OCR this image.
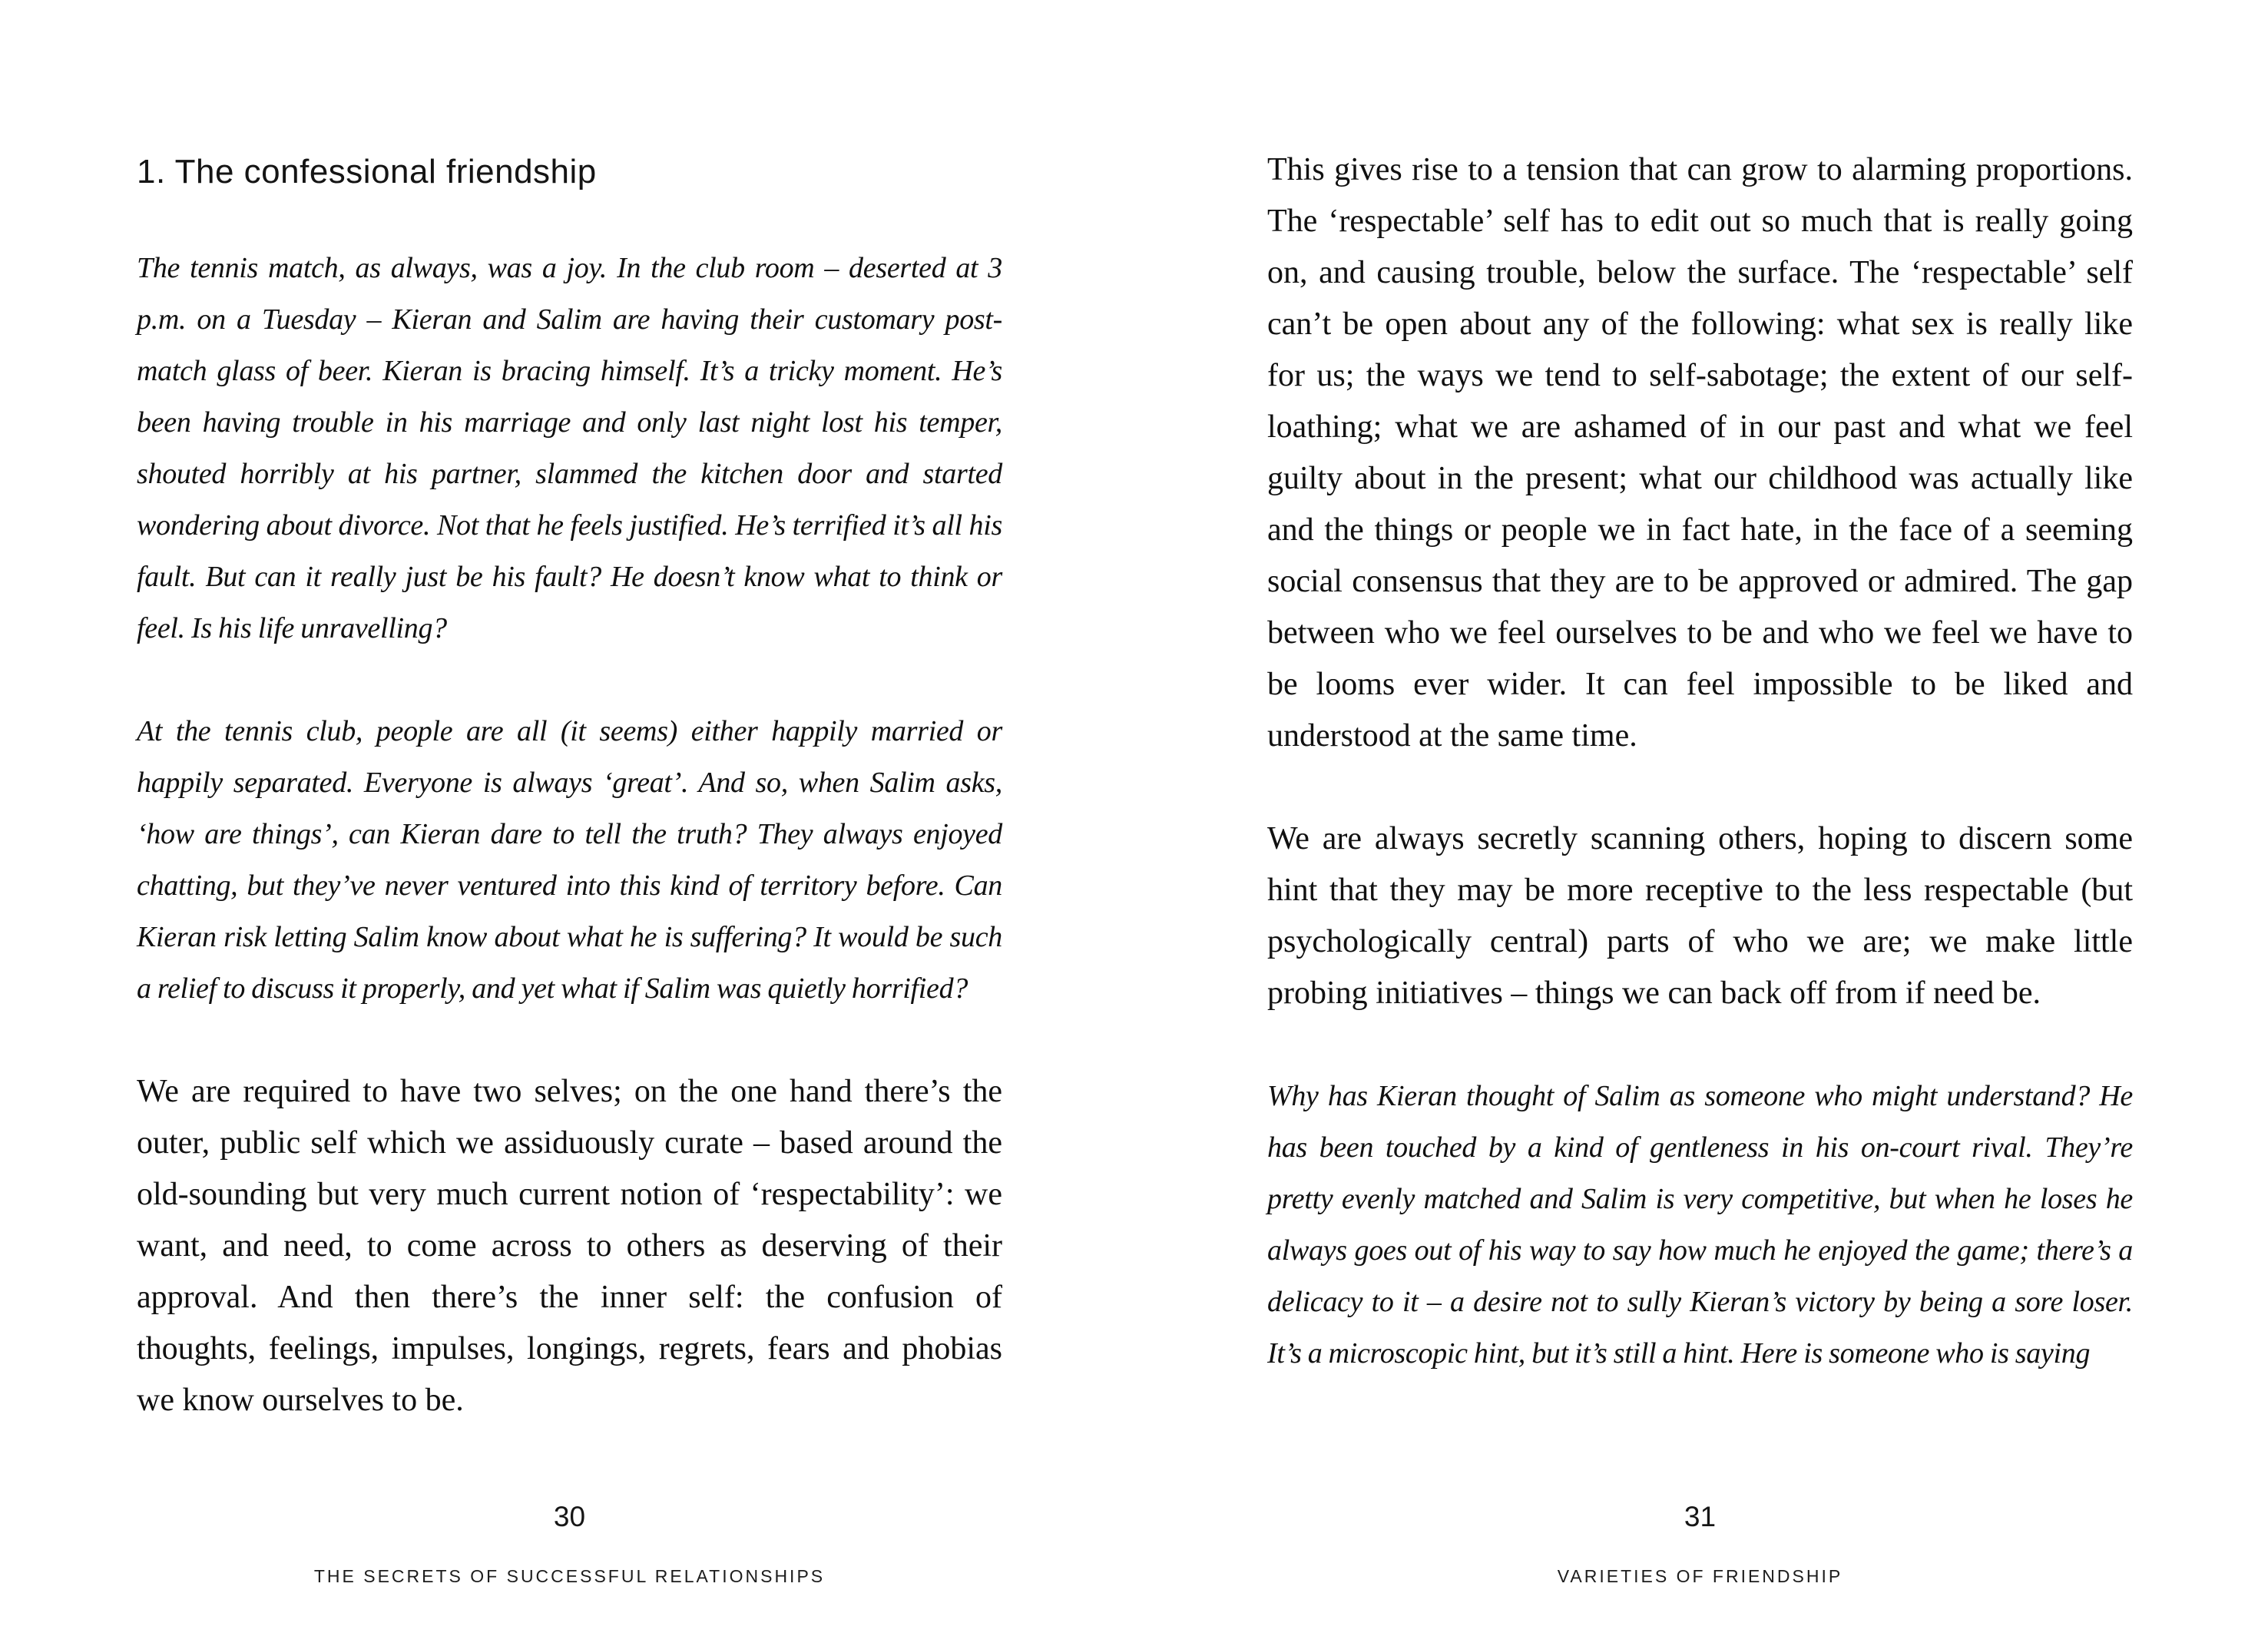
1. The confessional friendship

The tennis match, as always, was a joy. In the club room – deserted at 3 p.m. on a Tuesday – Kieran and Salim are having their customary post-match glass of beer. Kieran is bracing himself. It’s a tricky moment. He’s been having trouble in his marriage and only last night lost his temper, shouted horribly at his partner, slammed the kitchen door and started wondering about divorce. Not that he feels justified. He’s terrified it’s all his fault. But can it really just be his fault? He doesn’t know what to think or feel. Is his life unravelling?

At the tennis club, people are all (it seems) either happily married or happily separated. Everyone is always ‘great’. And so, when Salim asks, ‘how are things’, can Kieran dare to tell the truth? They always enjoyed chatting, but they’ve never ventured into this kind of territory before. Can Kieran risk letting Salim know about what he is suffering? It would be such a relief to discuss it properly, and yet what if Salim was quietly horrified?

We are required to have two selves; on the one hand there’s the outer, public self which we assiduously curate – based around the old-sounding but very much current notion of ‘respectability’: we want, and need, to come across to others as deserving of their approval. And then there’s the inner self: the confusion of thoughts, feelings, impulses, longings, regrets, fears and phobias we know ourselves to be.

30
THE SECRETS OF SUCCESSFUL RELATIONSHIPS

This gives rise to a tension that can grow to alarming proportions. The ‘respectable’ self has to edit out so much that is really going on, and causing trouble, below the surface. The ‘respectable’ self can’t be open about any of the following: what sex is really like for us; the ways we tend to self-sabotage; the extent of our self-loathing; what we are ashamed of in our past and what we feel guilty about in the present; what our childhood was actually like and the things or people we in fact hate, in the face of a seeming social consensus that they are to be approved or admired. The gap between who we feel ourselves to be and who we feel we have to be looms ever wider. It can feel impossible to be liked and understood at the same time.

We are always secretly scanning others, hoping to discern some hint that they may be more receptive to the less respectable (but psychologically central) parts of who we are; we make little probing initiatives – things we can back off from if need be.

Why has Kieran thought of Salim as someone who might understand? He has been touched by a kind of gentleness in his on-court rival. They’re pretty evenly matched and Salim is very competitive, but when he loses he always goes out of his way to say how much he enjoyed the game; there’s a delicacy to it – a desire not to sully Kieran’s victory by being a sore loser. It’s a microscopic hint, but it’s still a hint. Here is someone who is saying

31
VARIETIES OF FRIENDSHIP
